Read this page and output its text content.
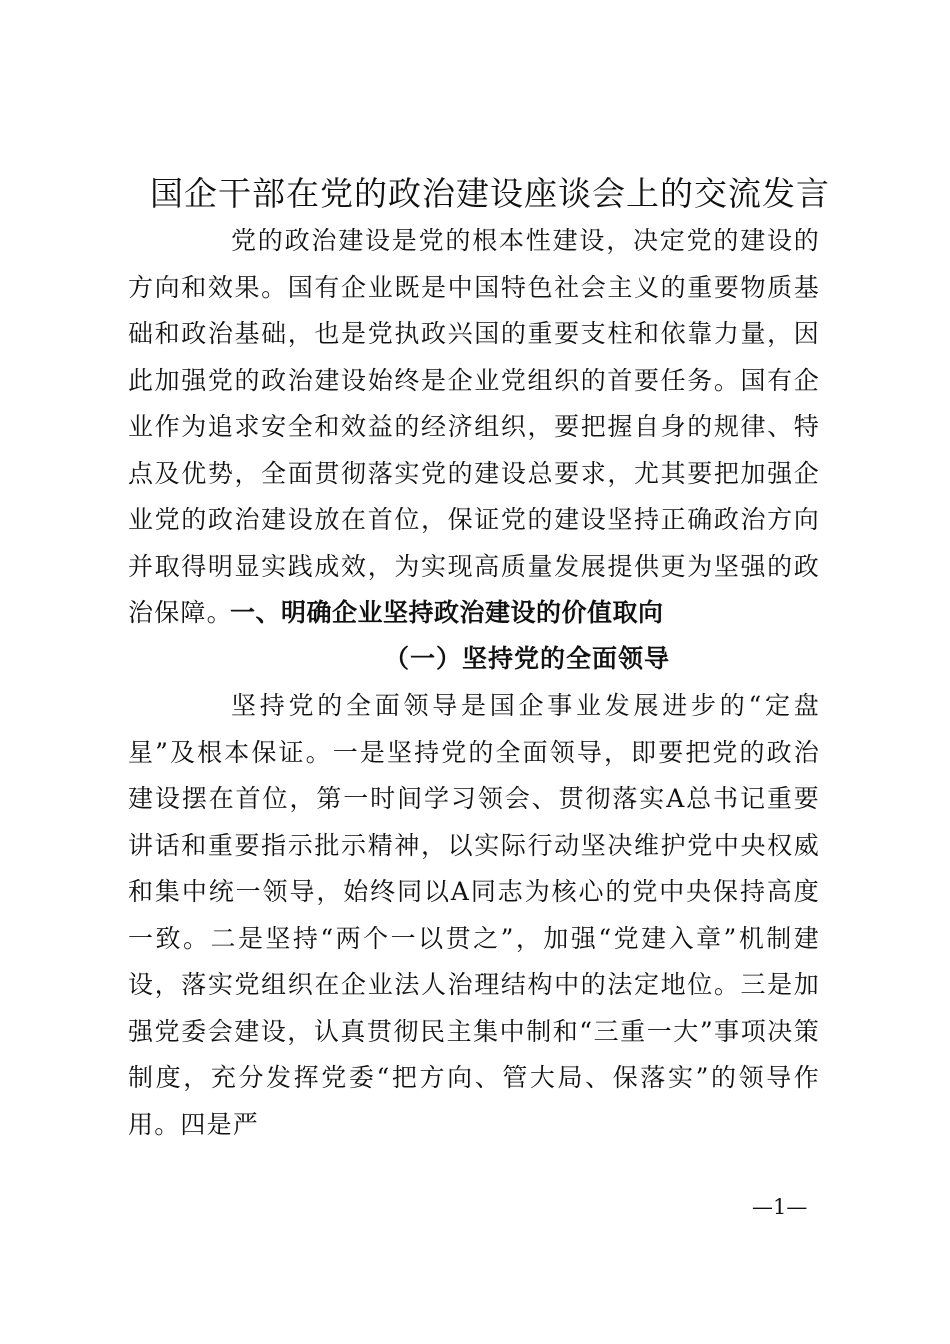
国企干部在党的政治建设座谈会上的交流发言

党的政治建设是党的根本性建设，决定党的建设的方向和效果。国有企业既是中国特色社会主义的重要物质基础和政治基础，也是党执政兴国的重要支柱和依靠力量，因此加强党的政治建设始终是企业党组织的首要任务。国有企业作为追求安全和效益的经济组织，要把握自身的规律、特点及优势，全面贯彻落实党的建设总要求，尤其要把加强企业党的政治建设放在首位，保证党的建设坚持正确政治方向并取得明显实践成效，为实现高质量发展提供更为坚强的政治保障。

一、明确企业坚持政治建设的价值取向
（一）坚持党的全面领导

坚持党的全面领导是国企事业发展进步的“定盘星”及根本保证。一是坚持党的全面领导，即要把党的政治建设摆在首位，第一时间学习领会、贯彻落实A总书记重要讲话和重要指示批示精神，以实际行动坚决维护党中央权威和集中统一领导，始终同以A同志为核心的党中央保持高度一致。二是坚持“两个一以贯之”，加强“党建入章”机制建设，落实党组织在企业法人治理结构中的法定地位。三是加强党委会建设，认真贯彻民主集中制和“三重一大”事项决策制度，充分发挥党委“把方向、管大局、保落实”的领导作用。四是严

—1—
